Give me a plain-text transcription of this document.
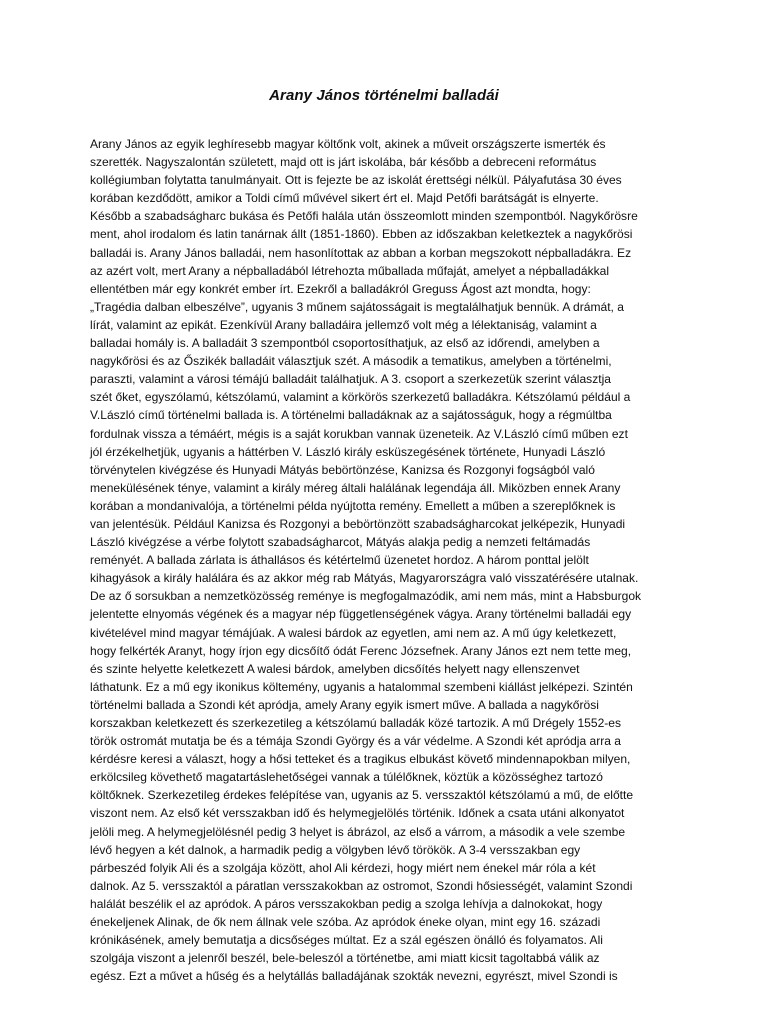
Arany János történelmi balladái

Arany János az egyik leghíresebb magyar költőnk volt, akinek a műveit országszerte ismerték és
szerették. Nagyszalontán született, majd ott is járt iskolába, bár később a debreceni református
kollégiumban folytatta tanulmányait. Ott is fejezte be az iskolát érettségi nélkül. Pályafutása 30 éves
korában kezdődött, amikor a Toldi című művével sikert ért el. Majd Petőfi barátságát is elnyerte.
Később a szabadságharc bukása és Petőfi halála után összeomlott minden szempontból. Nagykőrösre
ment, ahol irodalom és latin tanárnak állt (1851-1860). Ebben az időszakban keletkeztek a nagykőrösi
balladái is. Arany János balladái, nem hasonlítottak az abban a korban megszokott népballadákra. Ez
az azért volt, mert Arany a népballadából létrehozta műballada műfaját, amelyet a népballadákkal
ellentétben már egy konkrét ember írt. Ezekről a balladákról Greguss Ágost azt mondta, hogy:
„Tragédia dalban elbeszélve”, ugyanis 3 műnem sajátosságait is megtalálhatjuk bennük. A drámát, a
lírát, valamint az epikát. Ezenkívül Arany balladáira jellemző volt még a lélektaniság, valamint a
balladai homály is. A balladáit 3 szempontból csoportosíthatjuk, az első az időrendi, amelyben a
nagykőrösi és az Őszikék balladáit választjuk szét. A második a tematikus, amelyben a történelmi,
paraszti, valamint a városi témájú balladáit találhatjuk. A 3. csoport a szerkezetük szerint választja
szét őket, egyszólamú, kétszólamú, valamint a körkörös szerkezetű balladákra. Kétszólamú például a
V.László című történelmi ballada is. A történelmi balladáknak az a sajátosságuk, hogy a régmúltba
fordulnak vissza a témáért, mégis is a saját korukban vannak üzeneteik. Az V.László című műben ezt
jól érzékelhetjük, ugyanis a háttérben V. László király esküszegésének története, Hunyadi László
törvénytelen kivégzése és Hunyadi Mátyás bebörtönzése, Kanizsa és Rozgonyi fogságból való
menekülésének tényе, valamint a király méreg általi halálának legendája áll. Miközben ennek Arany
korában a mondanivalója, a történelmi példa nyújtotta remény. Emellett a műben a szereplőknek is
van jelentésük. Például Kanizsa és Rozgonyi a bebörtönzött szabadságharcokat jelképezik, Hunyadi
László kivégzése a vérbe folytott szabadságharcot, Mátyás alakja pedig a nemzeti feltámadás
reményét. A ballada zárlata is áthallásos és kétértelmű üzenetet hordoz. A három ponttal jelölt
kihagyások a király halálára és az akkor még rab Mátyás, Magyarországra való visszatérésére utalnak.
De az ő sorsukban a nemzetközösség reménye is megfogalmazódik, ami nem más, mint a Habsburgok
jelentette elnyomás végének és a magyar nép függetlenségének vágya. Arany történelmi balladái egy
kivételével mind magyar témájúak. A walesi bárdok az egyetlen, ami nem az. A mű úgy keletkezett,
hogy felkérték Aranyt, hogy írjon egy dicsőítő ódát Ferenc Józsefnek. Arany János ezt nem tette meg,
és szinte helyette keletkezett A walesi bárdok, amelyben dicsőítés helyett nagy ellenszenvet
láthatunk. Ez a mű egy ikonikus költemény, ugyanis a hatalommal szembeni kiállást jelképezi. Szintén
történelmi ballada a Szondi két apródja, amely Arany egyik ismert műve. A ballada a nagykőrösi
korszakban keletkezett és szerkezetileg a kétszólamú balladák közé tartozik. A mű Drégely 1552-es
török ostromát mutatja be és a témája Szondi György és a vár védelme. A Szondi két apródja arra a
kérdésre keresi a választ, hogy a hősi tetteket és a tragikus elbukást követő mindennapokban milyen,
erkölcsileg követhető magatartáslehetőségei vannak a túlélőknek, köztük a közösséghez tartozó
költőknek. Szerkezetileg érdekes felépítése van, ugyanis az 5. versszaktól kétszólamú a mű, de előtte
viszont nem. Az első két versszakban idő és helymegjelölés történik. Időnek a csata utáni alkonyatot
jelöli meg. A helymegjelölésnél pedig 3 helyet is ábrázol, az első a várrom, a második a vele szembe
lévő hegyen a két dalnok, a harmadik pedig a völgyben lévő törökök. A 3-4 versszakban egy
párbeszéd folyik Ali és a szolgája között, ahol Ali kérdezi, hogy miért nem énekel már róla a két
dalnok. Az 5. versszaktól a páratlan versszakokban az ostromot, Szondi hősiességét, valamint Szondi
halálát beszélik el az apródok. A páros versszakokban pedig a szolga lehívja a dalnokokat, hogy
énekeljenek Alinak, de ők nem állnak vele szóba. Az apródok éneke olyan, mint egy 16. századi
krónikásének, amely bemutatja a dicsőséges múltat. Ez a szál egészen önálló és folyamatos. Ali
szolgája viszont a jelenről beszél, bele-beleszól a történetbe, ami miatt kicsit tagoltabbá válik az
egész. Ezt a művet a hűség és a helytállás balladájának szokták nevezni, egyrészt, mivel Szondi is
